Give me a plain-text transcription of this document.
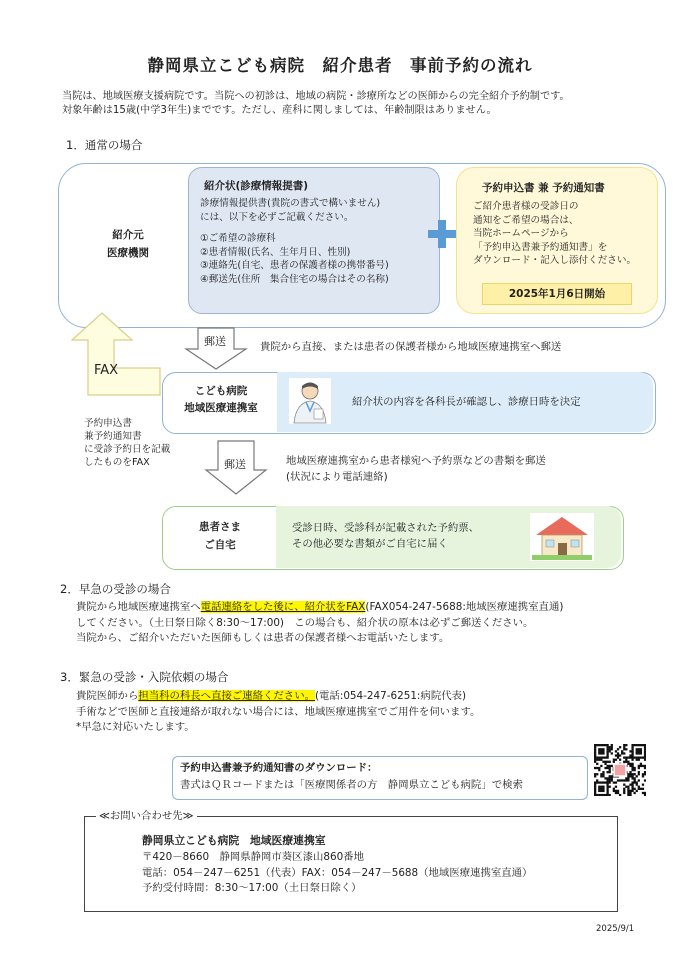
静岡県立こども病院　紹介患者　事前予約の流れ
当院は、地域医療支援病院です。当院への初診は、地域の病院・診療所などの医師からの完全紹介予約制です。
対象年齢は15歳(中学3年生)までです。ただし、産科に関しましては、年齢制限はありません。
1．通常の場合
紹介元
医療機関
紹介状(診療情報提書)
診療情報提供書(貴院の書式で構いません)
には、以下を必ずご記載ください。
①ご希望の診療科
②患者情報(氏名、生年月日、性別)
③連絡先(自宅、患者の保護者様の携帯番号)
④郵送先(住所　集合住宅の場合はその名称)
予約申込書 兼 予約通知書
ご紹介患者様の受診日の
通知をご希望の場合は、
当院ホームページから
「予約申込書兼予約通知書」を
ダウンロード・記入し添付ください。
2025年1月6日開始
郵送	貴院から直接、または患者の保護者様から地域医療連携室へ郵送
FAX
予約申込書
兼予約通知書
に受診予約日を記載
したものをFAX
こども病院
地域医療連携室	紹介状の内容を各科長が確認し、診療日時を決定
郵送	地域医療連携室から患者様宛へ予約票などの書類を郵送
(状況により電話連絡)
患者さま
ご自宅
受診日時、受診科が記載された予約票、
その他必要な書類がご自宅に届く
2．早急の受診の場合
貴院から地域医療連携室へ電話連絡をした後に、紹介状をFAX(FAX054‐247‐5688:地域医療連携室直通)
してください。（土日祭日除く8:30～17:00)　この場合も、紹介状の原本は必ずご郵送ください。
当院から、ご紹介いただいた医師もしくは患者の保護者様へお電話いたします。
3．緊急の受診・入院依頼の場合
貴院医師から担当科の科長へ直接ご連絡ください。(電話:054‐247‐6251:病院代表)
手術などで医師と直接連絡が取れない場合には、地域医療連携室でご用件を伺います。
*早急に対応いたします。
予約申込書兼予約通知書のダウンロード：
書式はＱＲコードまたは「医療関係者の方　静岡県立こども病院」で検索
≪お問い合わせ先≫
静岡県立こども病院　地域医療連携室
〒420－8660　静岡県静岡市葵区漆山860番地
電話：054－247－6251（代表）FAX：054－247－5688（地域医療連携室直通）
予約受付時間：8:30～17:00（土日祭日除く）
2025/9/1
